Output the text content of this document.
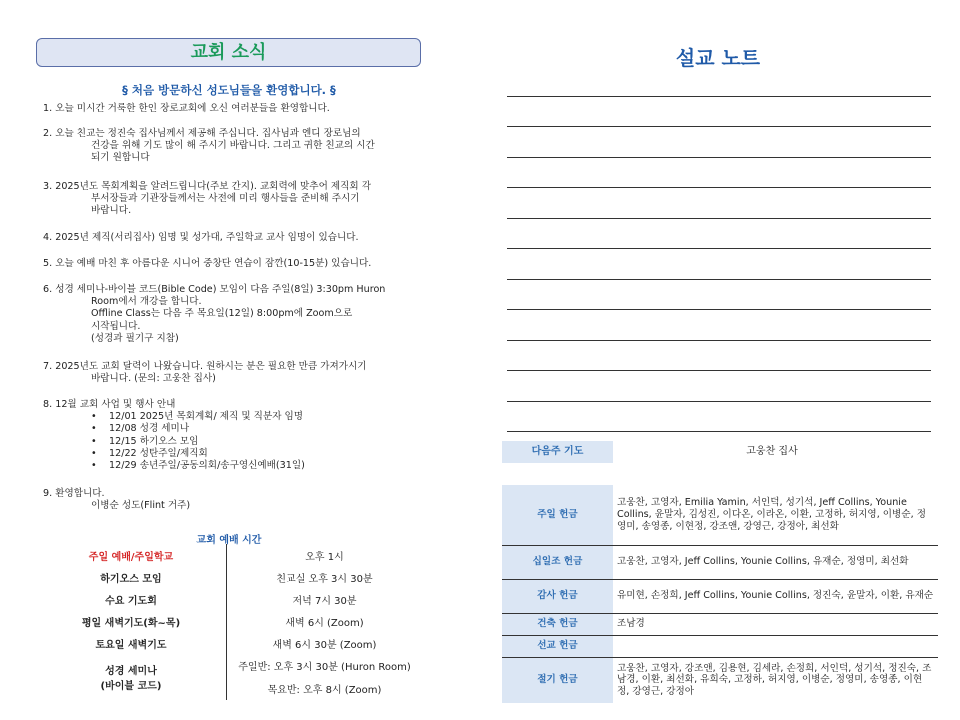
교회 소식
§ 처음 방문하신 성도님들을 환영합니다. §
1. 오늘 미시간 거룩한 한인 장로교회에 오신 여러분들을 환영합니다.
2. 오늘 친교는 정진숙 집사님께서 제공해 주십니다. 집사님과 엔디 장로님의
건강을 위해 기도 많이 해 주시기 바랍니다. 그리고 귀한 친교의 시간
되기 원합니다
3. 2025년도 목회계획을 알려드립니다(주보 간지). 교회력에 맞추어 제직회 각
부서장들과 기관장들께서는 사전에 미리 행사들을 준비해 주시기
바랍니다.
4. 2025년 제직(서리집사) 임명 및 성가대, 주일학교 교사 임명이 있습니다.
5. 오늘 예배 마친 후 아름다운 시니어 중창단 연습이 잠깐(10-15분) 있습니다.
6. 성경 세미나-바이블 코드(Bible Code) 모임이 다음 주일(8일) 3:30pm Huron
Room에서 개강을 합니다.
Offline Class는 다음 주 목요일(12일) 8:00pm에 Zoom으로
시작됩니다.
(성경과 필기구 지참)
7. 2025년도 교회 달력이 나왔습니다. 원하시는 분은 필요한 만큼 가져가시기
바랍니다. (문의: 고웅찬 집사)
8. 12월 교회 사업 및 행사 안내
• 12/01 2025년 목회계획/ 제직 및 직분자 임명
• 12/08 성경 세미나
• 12/15 하기오스 모임
• 12/22 성탄주일/제직회
• 12/29 송년주일/공동의회/송구영신예배(31일)
9. 환영합니다.
이병순 성도(Flint 거주)
교회 예배 시간
주일 예배/주일학교	오후 1시
하기오스 모임	친교실 오후 3시 30분
수요 기도회	저녁 7시 30분
평일 새벽기도(화~목)	새벽 6시 (Zoom)
토요일 새벽기도	새벽 6시 30분 (Zoom)

성경 세미나
(바이블 코드)	주일반: 오후 3시 30분 (Huron Room)
	목요반: 오후 8시 (Zoom)
설교 노트
다음주 기도	고웅찬 집사
주일 헌금	고웅찬, 고영자, Emilia Yamin, 서인덕, 성기석, Jeff Collins, Younie Collins, 윤말자, 김성진, 이다온, 이라온, 이환, 고정하, 허지영, 이병순, 정영미, 송영종, 이현정, 강조앤, 강영근, 강정아, 최선화
십일조 헌금	고웅찬, 고영자, Jeff Collins, Younie Collins, 유재순, 정영미, 최선화
감사 헌금	유미현, 손정희, Jeff Collins, Younie Collins, 정진숙, 윤말자, 이환, 유재순
건축 헌금	조남경
선교 헌금	
절기 헌금	고웅찬, 고영자, 강조앤, 김용현, 김세라, 손정희, 서인덕, 성기석, 정진숙, 조남경, 이환, 최선화, 유희숙, 고정하, 허지영, 이병순, 정영미, 송영종, 이현정, 강영근, 강정아
